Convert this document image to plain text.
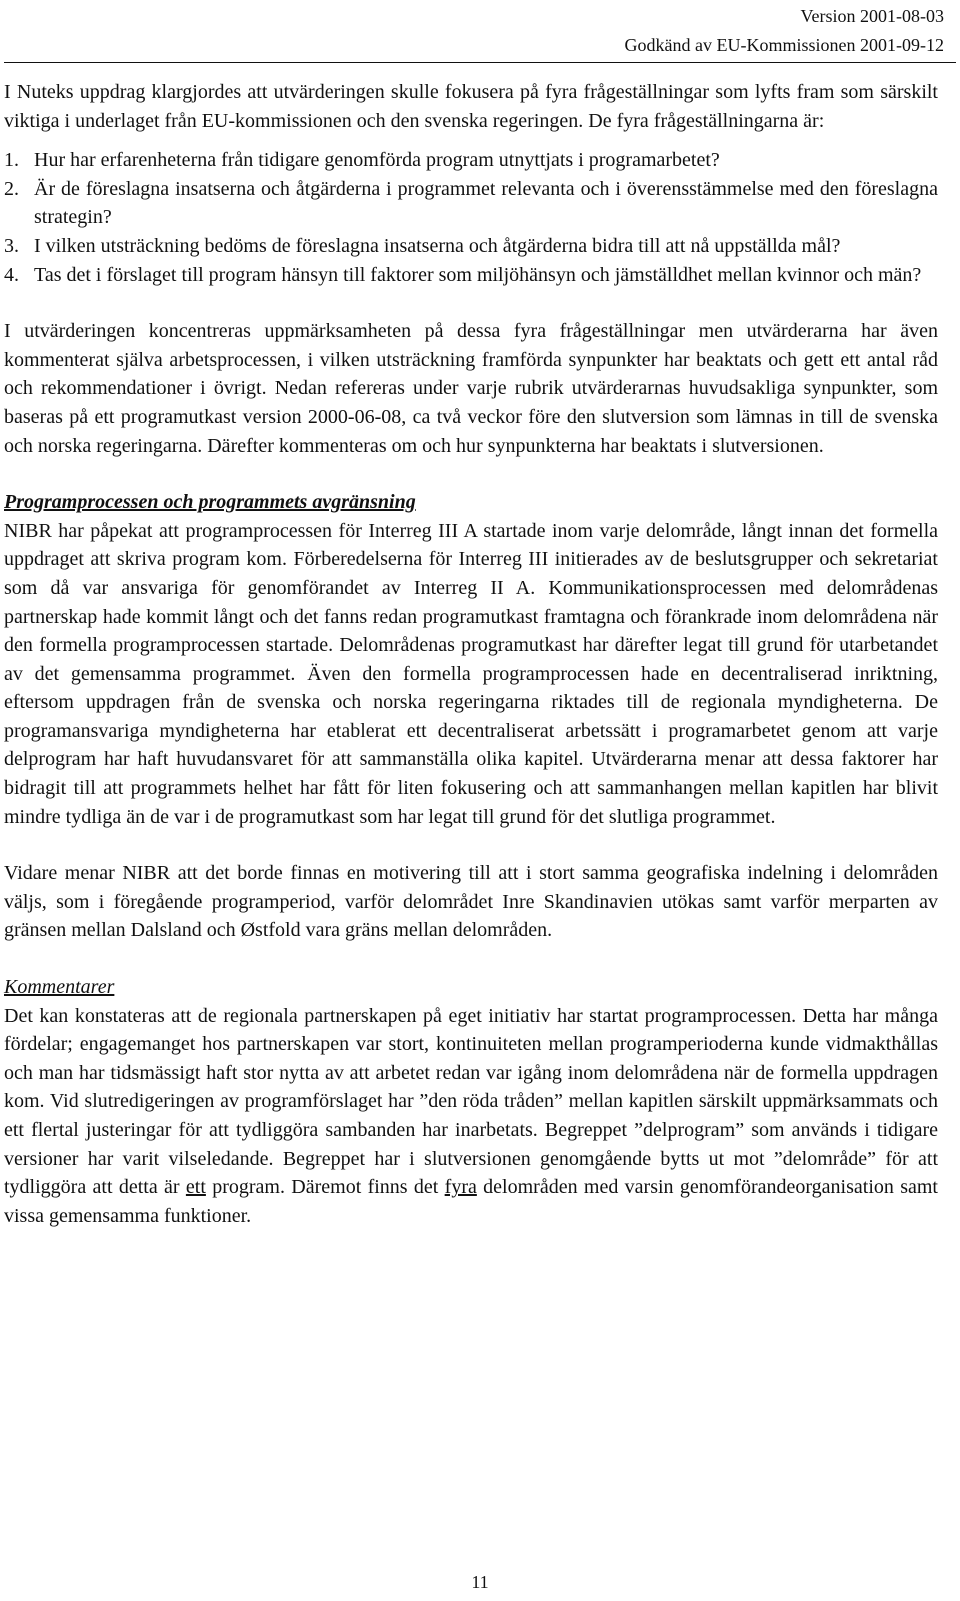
Version 2001-08-03
Godkänd av EU-Kommissionen 2001-09-12

I Nuteks uppdrag klargjordes att utvärderingen skulle fokusera på fyra frågeställningar som lyfts fram som särskilt viktiga i underlaget från EU-kommissionen och den svenska regeringen. De fyra frågeställningarna är:

1. Hur har erfarenheterna från tidigare genomförda program utnyttjats i programarbetet?
2. Är de föreslagna insatserna och åtgärderna i programmet relevanta och i överensstämmelse med den föreslagna strategin?
3. I vilken utsträckning bedöms de föreslagna insatserna och åtgärderna bidra till att nå uppställda mål?
4. Tas det i förslaget till program hänsyn till faktorer som miljöhänsyn och jämställdhet mellan kvinnor och män?

I utvärderingen koncentreras uppmärksamheten på dessa fyra frågeställningar men utvärderarna har även kommenterat själva arbetsprocessen, i vilken utsträckning framförda synpunkter har beaktats och gett ett antal råd och rekommendationer i övrigt. Nedan refereras under varje rubrik utvärderarnas huvudsakliga synpunkter, som baseras på ett programutkast version 2000-06-08, ca två veckor före den slutversion som lämnas in till de svenska och norska regeringarna. Därefter kommenteras om och hur synpunkterna har beaktats i slutversionen.

Programprocessen och programmets avgränsning

NIBR har påpekat att programprocessen för Interreg III A startade inom varje delområde, långt innan det formella uppdraget att skriva program kom. Förberedelserna för Interreg III initierades av de beslutsgrupper och sekretariat som då var ansvariga för genomförandet av Interreg II A. Kommunikationsprocessen med delområdenas partnerskap hade kommit långt och det fanns redan programutkast framtagna och förankrade inom delområdena när den formella programprocessen startade. Delområdenas programutkast har därefter legat till grund för utarbetandet av det gemensamma programmet. Även den formella programprocessen hade en decentraliserad inriktning, eftersom uppdragen från de svenska och norska regeringarna riktades till de regionala myndigheterna. De programansvariga myndigheterna har etablerat ett decentraliserat arbetssätt i programarbetet genom att varje delprogram har haft huvudansvaret för att sammanställa olika kapitel. Utvärderarna menar att dessa faktorer har bidragit till att programmets helhet har fått för liten fokusering och att sammanhangen mellan kapitlen har blivit mindre tydliga än de var i de programutkast som har legat till grund för det slutliga programmet.

Vidare menar NIBR att det borde finnas en motivering till att i stort samma geografiska indelning i delområden väljs, som i föregående programperiod, varför delområdet Inre Skandinavien utökas samt varför merparten av gränsen mellan Dalsland och Østfold vara gräns mellan delområden.

Kommentarer

Det kan konstateras att de regionala partnerskapen på eget initiativ har startat programprocessen. Detta har många fördelar; engagemanget hos partnerskapen var stort, kontinuiteten mellan programperioderna kunde vidmakthållas och man har tidsmässigt haft stor nytta av att arbetet redan var igång inom delområdena när de formella uppdragen kom. Vid slutredigeringen av programförslaget har ”den röda tråden” mellan kapitlen särskilt uppmärksammats och ett flertal justeringar för att tydliggöra sambanden har inarbetats. Begreppet ”delprogram” som används i tidigare versioner har varit vilseledande. Begreppet har i slutversionen genomgående bytts ut mot ”delområde” för att tydliggöra att detta är ett program. Däremot finns det fyra delområden med varsin genomförandeorganisation samt vissa gemensamma funktioner.

11
